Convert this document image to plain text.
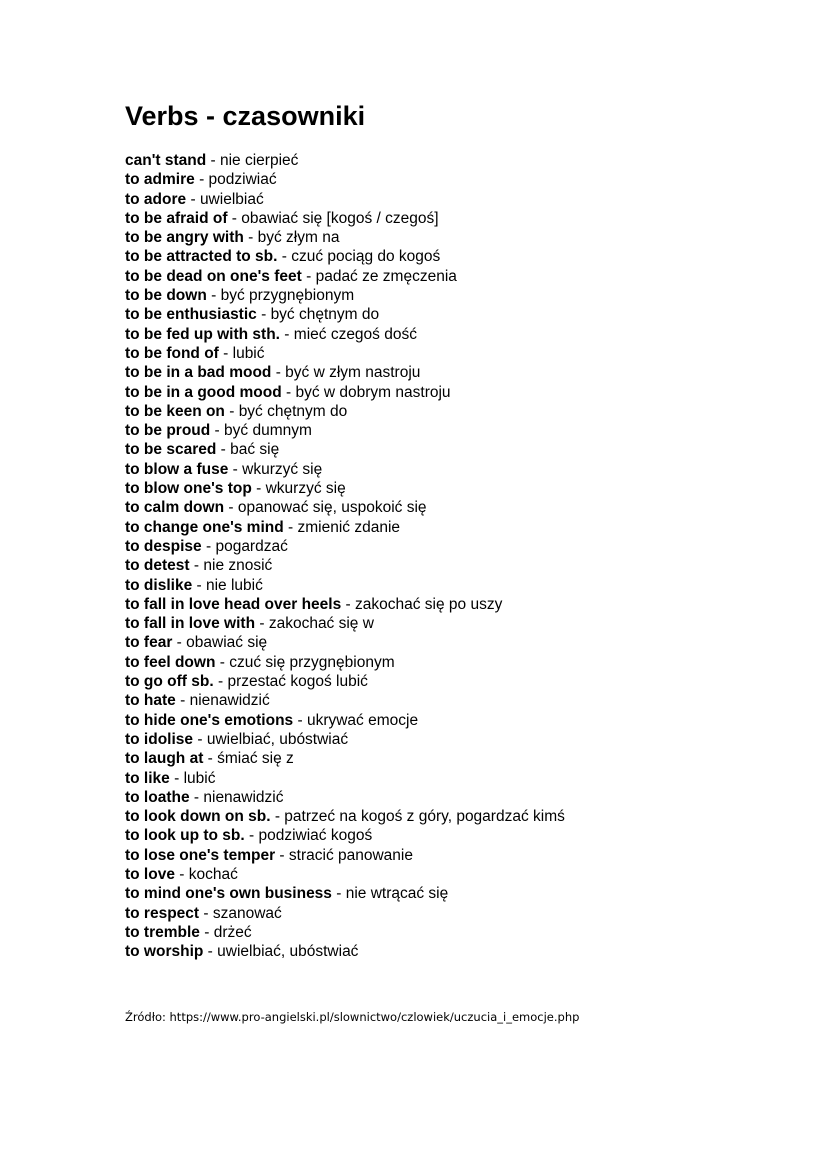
Verbs - czasowniki
can't stand - nie cierpieć
to admire - podziwiać
to adore - uwielbiać
to be afraid of - obawiać się [kogoś / czegoś]
to be angry with - być złym na
to be attracted to sb. - czuć pociąg do kogoś
to be dead on one's feet - padać ze zmęczenia
to be down - być przygnębionym
to be enthusiastic - być chętnym do
to be fed up with sth. - mieć czegoś dość
to be fond of - lubić
to be in a bad mood - być w złym nastroju
to be in a good mood - być w dobrym nastroju
to be keen on - być chętnym do
to be proud - być dumnym
to be scared - bać się
to blow a fuse - wkurzyć się
to blow one's top - wkurzyć się
to calm down - opanować się, uspokoić się
to change one's mind - zmienić zdanie
to despise - pogardzać
to detest - nie znosić
to dislike - nie lubić
to fall in love head over heels - zakochać się po uszy
to fall in love with - zakochać się w
to fear - obawiać się
to feel down - czuć się przygnębionym
to go off sb. - przestać kogoś lubić
to hate - nienawidzić
to hide one's emotions - ukrywać emocje
to idolise - uwielbiać, ubóstwiać
to laugh at - śmiać się z
to like - lubić
to loathe - nienawidzić
to look down on sb. - patrzeć na kogoś z góry, pogardzać kimś
to look up to sb. - podziwiać kogoś
to lose one's temper - stracić panowanie
to love - kochać
to mind one's own business - nie wtrącać się
to respect - szanować
to tremble - drżeć
to worship - uwielbiać, ubóstwiać

Źródło: https://www.pro-angielski.pl/slownictwo/czlowiek/uczucia_i_emocje.php
